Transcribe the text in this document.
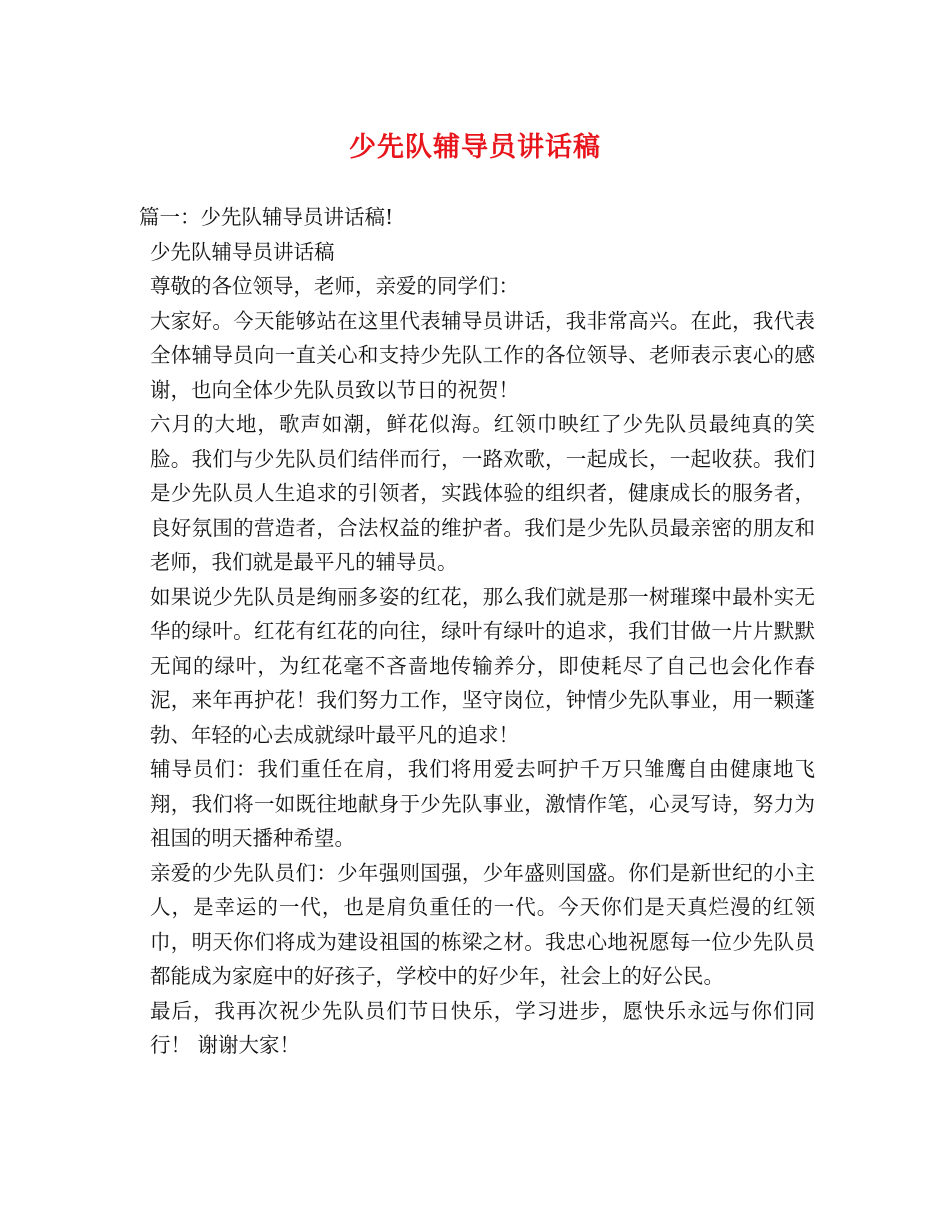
少先队辅导员讲话稿

篇一：少先队辅导员讲话稿!

少先队辅导员讲话稿

尊敬的各位领导，老师，亲爱的同学们：

大家好。今天能够站在这里代表辅导员讲话，我非常高兴。在此，我代表全体辅导员向一直关心和支持少先队工作的各位领导、老师表示衷心的感谢，也向全体少先队员致以节日的祝贺！

六月的大地，歌声如潮，鲜花似海。红领巾映红了少先队员最纯真的笑脸。我们与少先队员们结伴而行，一路欢歌，一起成长，一起收获。我们是少先队员人生追求的引领者，实践体验的组织者，健康成长的服务者，良好氛围的营造者，合法权益的维护者。我们是少先队员最亲密的朋友和老师，我们就是最平凡的辅导员。

如果说少先队员是绚丽多姿的红花，那么我们就是那一树璀璨中最朴实无华的绿叶。红花有红花的向往，绿叶有绿叶的追求，我们甘做一片片默默无闻的绿叶，为红花毫不吝啬地传输养分，即使耗尽了自己也会化作春泥，来年再护花！我们努力工作，坚守岗位，钟情少先队事业，用一颗蓬勃、年轻的心去成就绿叶最平凡的追求！

辅导员们：我们重任在肩，我们将用爱去呵护千万只雏鹰自由健康地飞翔，我们将一如既往地献身于少先队事业，激情作笔，心灵写诗，努力为祖国的明天播种希望。

亲爱的少先队员们：少年强则国强，少年盛则国盛。你们是新世纪的小主人，是幸运的一代，也是肩负重任的一代。今天你们是天真烂漫的红领巾，明天你们将成为建设祖国的栋梁之材。我忠心地祝愿每一位少先队员都能成为家庭中的好孩子，学校中的好少年，社会上的好公民。

最后，我再次祝少先队员们节日快乐，学习进步，愿快乐永远与你们同行！ 谢谢大家！
